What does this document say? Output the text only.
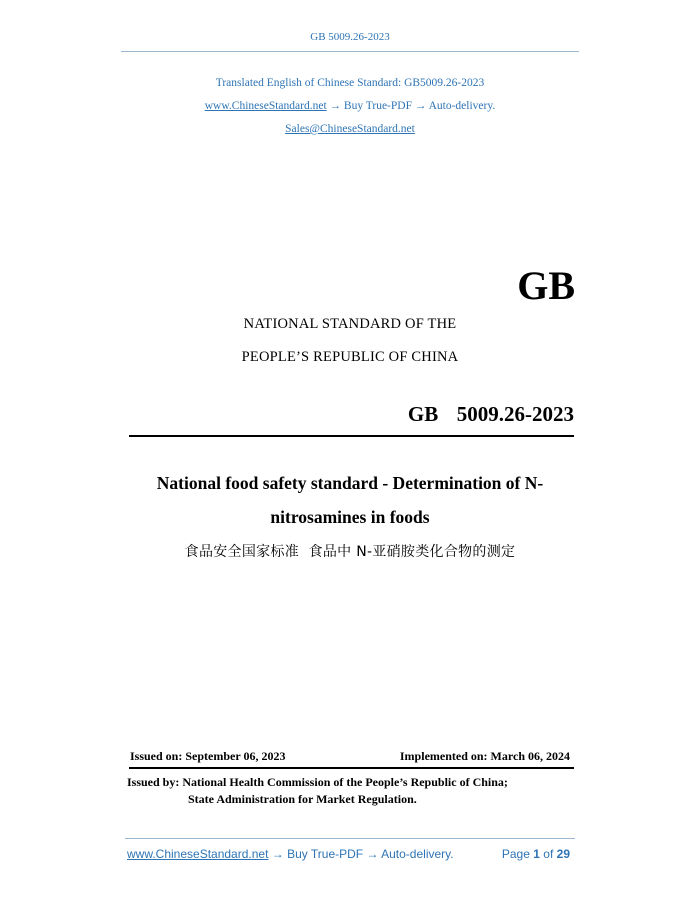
GB 5009.26-2023
Translated English of Chinese Standard: GB5009.26-2023
www.ChineseStandard.net → Buy True-PDF → Auto-delivery.
Sales@ChineseStandard.net
GB
NATIONAL STANDARD OF THE
PEOPLE’S REPUBLIC OF CHINA
GB  5009.26-2023
National food safety standard - Determination of N-
nitrosamines in foods
食品安全国家标准  食品中 N-亚硝胺类化合物的测定
Issued on: September 06, 2023	Implemented on: March 06, 2024
Issued by: National Health Commission of the People’s Republic of China;
State Administration for Market Regulation.
www.ChineseStandard.net → Buy True-PDF → Auto-delivery.	Page 1 of 29
